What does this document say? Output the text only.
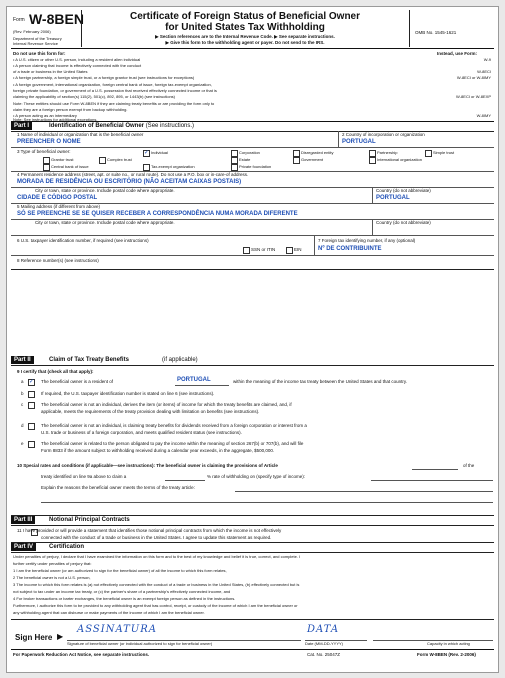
Form W-8BEN
(Rev. February 2006)
Department of the Treasury
Internal Revenue Service
Certificate of Foreign Status of Beneficial Owner
for United States Tax Withholding
▶ Section references are to the Internal Revenue Code. ▶ See separate instructions.
▶ Give this form to the withholding agent or payer. Do not send to the IRS.
OMB No. 1545-1621
Do not use this form for:	Instead, use Form:
• A U.S. citizen or other U.S. person, including a resident alien individual	W-9
• A person claiming that income is effectively connected with the conduct
of a trade or business in the United States	W-8ECI
• A foreign partnership, a foreign simple trust, or a foreign grantor trust (see instructions for exceptions)	W-8ECI or W-8IMY
• A foreign government, international organization, foreign central bank of issue, foreign tax-exempt organization,
foreign private foundation, or government of a U.S. possession that received effectively connected income or that is
claiming the applicability of section(s) 115(2), 501(c), 892, 895, or 1443(b) (see instructions)	W-8ECI or W-8EXP
Note: These entities should use Form W-8BEN if they are claiming treaty benefits or are providing the form only to
claim they are a foreign person exempt from backup withholding.
• A person acting as an intermediary	W-8IMY
Note: See instructions for additional exceptions.
Part I	Identification of Beneficial Owner (See instructions.)
1 Name of individual or organization that is the beneficial owner
PREENCHER O NOME
2 Country of incorporation or organization
PORTUGAL
3 Type of beneficial owner:	✓ Individual	Corporation	Disregarded entity	Partnership	Simple trust
Grantor trust	Complex trust	Estate	Government	International organization
Central bank of issue	Tax-exempt organization	Private foundation
4 Permanent residence address (street, apt. or suite no., or rural route). Do not use a P.O. box or in-care-of address.
MORADA DE RESIDÊNCIA OU ESCRITÓRIO (NÃO ACEITAM CAIXAS POSTAIS)
City or town, state or province. Include postal code where appropriate.
CIDADE E CÓDIGO POSTAL
Country (do not abbreviate)
PORTUGAL
5 Mailing address (if different from above)
SÓ SE PREENCHE SE SE QUISER RECEBER A CORRESPONDÊNCIA NUMA MORADA DIFERENTE
City or town, state or province. Include postal code where appropriate.	Country (do not abbreviate)
6 U.S. taxpayer identification number, if required (see instructions)
SSN or ITIN	EIN
7 Foreign tax identifying number, if any (optional)
Nº DE CONTRIBUINTE
8 Reference number(s) (see instructions)
Part II	Claim of Tax Treaty Benefits	(if applicable)
9 I certify that (check all that apply):
a ✓ The beneficial owner is a resident of
b	If required, the U.S. taxpayer identification number is stated on line 6 (see instructions).
c	The beneficial owner is not an individual, derives the item (or items) of income for which the treaty benefits are claimed, and, if
applicable, meets the requirements of the treaty provision dealing with limitation on benefits (see instructions).
d	The beneficial owner is not an individual, is claiming treaty benefits for dividends received from a foreign corporation or interest from a
U.S. trade or business of a foreign corporation, and meets qualified resident status (see instructions).
e	The beneficial owner is related to the person obligated to pay the income within the meaning of section 267(b) or 707(b), and will file
Form 8833 if the amount subject to withholding received during a calendar year exceeds, in the aggregate, $500,000.
PORTUGAL	within the meaning of the income tax treaty between the United States and that country.
10 Special rates and conditions (if applicable—see instructions): The beneficial owner is claiming the provisions of Article	of the
treaty identified on line 9a above to claim a	% rate of withholding on (specify type of income):
Explain the reasons the beneficial owner meets the terms of the treaty article:
Part III	Notional Principal Contracts
11 I have provided or will provide a statement that identifies those notional principal contracts from which the income is not effectively
connected with the conduct of a trade or business in the United States. I agree to update this statement as required.
Part IV	Certification
Under penalties of perjury, I declare that I have examined the information on this form and to the best of my knowledge and belief it is true, correct, and complete. I
further certify under penalties of perjury that:
1 I am the beneficial owner (or am authorized to sign for the beneficial owner) of all the income to which this form relates,
2 The beneficial owner is not a U.S. person,
3 The income to which this form relates is (a) not effectively connected with the conduct of a trade or business in the United States, (b) effectively connected but is
not subject to tax under an income tax treaty, or (c) the partner's share of a partnership's effectively connected income, and
4 For broker transactions or barter exchanges, the beneficial owner is an exempt foreign person as defined in the instructions.
Furthermore, I authorize this form to be provided to any withholding agent that has control, receipt, or custody of the income of which I am the beneficial owner or
any withholding agent that can disburse or make payments of the income of which I am the beneficial owner.
Sign Here ▶
ASSINATURA	DATA
Signature of beneficial owner (or individual authorized to sign for beneficial owner)	Date (MM-DD-YYYY)	Capacity in which acting
For Paperwork Reduction Act Notice, see separate instructions.	Cat. No. 25047Z	Form W-8BEN (Rev. 2-2006)
